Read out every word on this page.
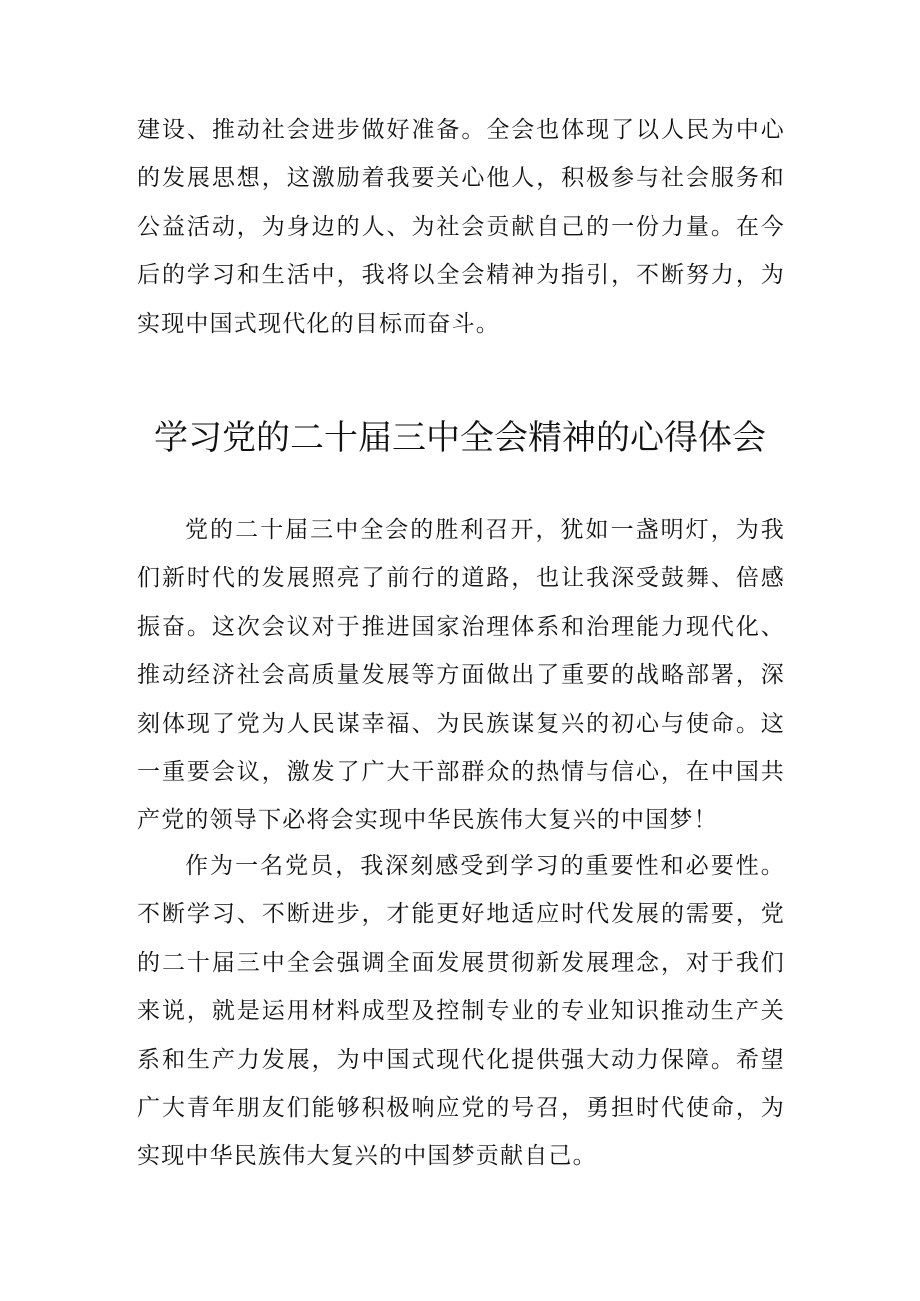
建设、推动社会进步做好准备。全会也体现了以人民为中心的发展思想，这激励着我要关心他人，积极参与社会服务和公益活动，为身边的人、为社会贡献自己的一份力量。在今后的学习和生活中，我将以全会精神为指引，不断努力，为实现中国式现代化的目标而奋斗。

学习党的二十届三中全会精神的心得体会

党的二十届三中全会的胜利召开，犹如一盏明灯，为我们新时代的发展照亮了前行的道路，也让我深受鼓舞、倍感振奋。这次会议对于推进国家治理体系和治理能力现代化、推动经济社会高质量发展等方面做出了重要的战略部署，深刻体现了党为人民谋幸福、为民族谋复兴的初心与使命。这一重要会议，激发了广大干部群众的热情与信心，在中国共产党的领导下必将会实现中华民族伟大复兴的中国梦！

作为一名党员，我深刻感受到学习的重要性和必要性。不断学习、不断进步，才能更好地适应时代发展的需要，党的二十届三中全会强调全面发展贯彻新发展理念，对于我们来说，就是运用材料成型及控制专业的专业知识推动生产关系和生产力发展，为中国式现代化提供强大动力保障。希望广大青年朋友们能够积极响应党的号召，勇担时代使命，为实现中华民族伟大复兴的中国梦贡献自己。
